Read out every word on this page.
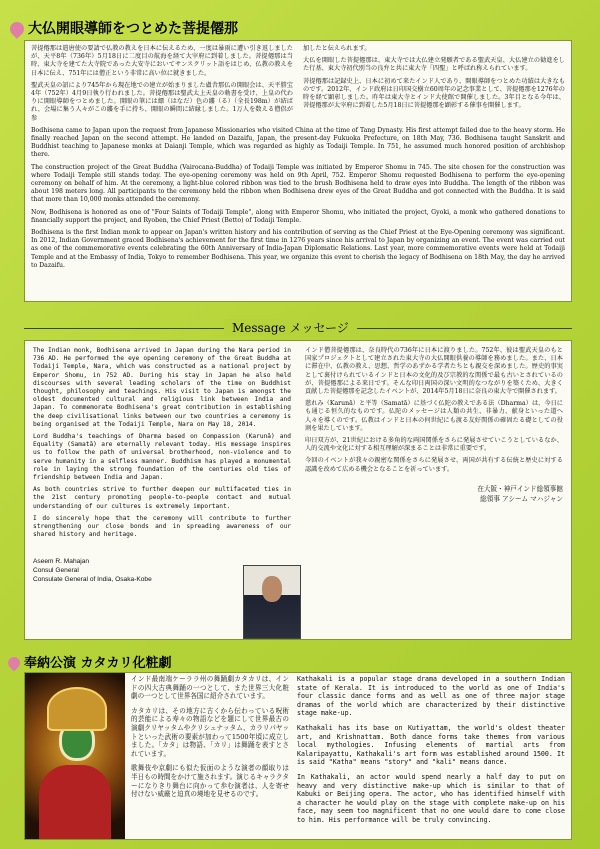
大仏開眼導師をつとめた菩提僊那

菩提僊那は遣唐使の要請で仏教の教えを日本に伝えるため、一度は暴雨に遭い引き返しましたが、天平8年（736年）5月18日に二度目の航海を経て大宰府に到着しました。菩提僊那は当時、東大寺を建てた大寺院であった大安寺においてサンスクリット語をはじめ、仏教の教えを日本に伝え、751年には僧正という非常に高い位に就きました。

聖武天皇の詔により745年から現在地での建立が始まりました盧舎那仏の開眼会は、天平勝宝4年（752年）4月9日執り行われました。菩提僊那は聖武太上天皇の勅書を受け、上皇の代わりに開眼導師をつとめました。開眼の筆には縹（はなだ）色の縷（る）（全長198m）が結ばれ、会場に集う人々がこの縷を手に持ち、開眼の瞬間に結縁しました。1万人を数える僧侶が参

加したと伝えられます。

大仏を開眼した菩提僊那は、東大寺では大仏建立発願者である聖武天皇、大仏建立の勧進をした行基、東大寺初代別当の良弁と共に東大寺「四聖」と呼ばれ称えられています。

菩提僊那は記録史上、日本に初めて来たインド人であり、開眼導師をつとめた功績は大きなものです。2012年、インド政府は日印国交樹立60周年の記念事業として、菩提僊那を1276年の時を経て顕彰しました。昨年は東大寺とインド大使館で開催しました。3年目となる今年は、菩提僊那が太宰府に到着した5月18日に菩提僊那を顕彰する催事を開催します。

Bodhisena came to Japan upon the request from Japanese Missionaries who visited China at the time of Tang Dynasty. His first attempt failed due to the heavy storm. He finally reached Japan on the second attempt. He landed on Dazaifu, Japan, the present-day Fukuoka Prefecture, on 18th May, 736. Bodhisena taught Sanskrit and Buddhist teaching to Japanese monks at Daianji Temple, which was regarded as highly as Todaiji Temple. In 751, he assumed much honored position of archbishop there.

The construction project of the Great Buddha (Vairocana-Buddha) of Todaiji Temple was initiated by Emperor Shomu in 745. The site chosen for the construction was where Todaiji Temple still stands today. The eye-opening ceremony was held on 9th April, 752. Emperor Shomu requested Bodhisena to perform the eye-opening ceremony on behalf of him. At the ceremony, a light-blue colored ribbon was tied to the brush Bodhisena held to draw eyes into Buddha. The length of the ribbon was about 198 meters long. All participants to the ceremony held the ribbon when Bodhisena drew eyes of the Great Buddha and got connected with the Buddha. It is said that more than 10,000 monks attended the ceremony.

Now, Bodhisena is honored as one of "Four Saints of Todaiji Temple", along with Emperor Shomu, who initiated the project, Gyoki, a monk who gathered donations to financially support the project, and Ryoben, the Chief Priest (Betto) of Todaiji Temple.

Bodhisena is the first Indian monk to appear on Japan's written history and his contribution of serving as the Chief Priest at the Eye-Opening ceremony was significant. In 2012, Indian Government graced Bodhisena's achievement for the first time in 1276 years since his arrival to Japan by organizing an event. The event was carried out as one of the commemorative events celebrating the 60th Anniversary of India-Japan Diplomatic Relations. Last year, more commemorative events were held at Todaiji Temple and at the Embassy of India, Tokyo to remember Bodhisena. This year, we organize this event to cherish the legacy of Bodhisena on 18th May, the day he arrived to Dazaifu.

Message メッセージ

The Indian monk, Bodhisena arrived in Japan during the Nara period in 736 AD. He performed the eye opening ceremony of the Great Buddha at Todaiji Temple, Nara, which was constructed as a national project by Emperor Shomu, in 752 AD. During his stay in Japan he also held discourses with several leading scholars of the time on Buddhist thought, philosophy and teachings. His visit to Japan is amongst the oldest documented cultural and religious link between India and Japan. To commemorate Bodhisena's great contribution in establishing the deep civilisational links between our two countries a ceremony is being organised at the Todaiji Temple, Nara on May 18, 2014.

Lord Buddha's teachings of Dharma based on Compassion (Karunā) and Equality (Samatā) are eternally relevant today. His message inspires us to follow the path of universal brotherhood, non-violence and to serve humanity in a selfless manner. Buddhism has played a monumental role in laying the strong foundation of the centuries old ties of friendship between India and Japan.

As both countries strive to further deepen our multifaceted ties in the 21st century promoting people-to-people contact and mutual understanding of our cultures is extremely important.

I do sincerely hope that the ceremony will contribute to further strengthening our close bonds and in spreading awareness of our shared history and heritage.

Aseem R. Mahajan
Consul General
Consulate General of India, Osaka-Kobe

インド僧菩提僊那は、奈良時代の736年に日本に渡りました。752年、彼は聖武天皇のもと国家プロジェクトとして建立された東大寺の大仏開眼供養の導師を務めました。また、日本に滞在中、仏教の教え、思想、哲学のあずかる学者たちとも親交を深めました。歴史的事実として裏付けられているインドと日本の文化的及び宗教的な関係で最も古いとされているのが、菩提僊那による来日です。そんな印日両国の深い文明的なつながりを築くため、大きく貢献した菩提僊那を記念したイベントが、2014年5月18日に奈良の東大寺で開催されます。

慈れみ（Karunā）と平等（Samatā）に基づく仏陀の教えである法（Dharma）は、今日にも通じる恒久的なものです。仏陀のメッセージは人類の共生、非暴力、献身といった道へ人々を導くのです。仏教はインドと日本の何世紀にも渡る友好関係の確固たる礎としての役割を果たしています。

印日双方が、21世紀における多角的な両国関係をさらに発展させていこうとしているなか、人的交流や文化に対する相互理解が深まることは非常に重要です。

今回のイベントが我々の親密な関係をさらに発展させ、両国が共有する伝統と歴史に対する認識を改めて広める機会となることを祈っています。

在大阪・神戸インド総領事館
総領事 アシーム マハジャン
奉納公演 カタカリ化粧劇

インド最南端ケーララ州の舞踊劇カタカリは、インドの四大古典舞踊の一つとして、また世界三大化粧劇の一つとして世界各国に紹介されています。

カタカリは、その地方に古くから伝わっている呪術的芸能による寿々の物語などを題にして世界最古の演劇クリヤッタムやクリシュナッタム、カラリパヤットといった武術の要素が加わって1500年頃に成立しました。「カタ」は物語、「カリ」は舞踊を表すとされています。

歌舞伎や京劇にも似た仮面のような演者の顔取りは半日もの時間をかけて施されます。演じるキャラクターになりきり舞台に向かって歩む演者は、人を寄せ付けない威厳と迫真の境地を見せるのです。

Kathakali is a popular stage drama developed in a southern Indian state of Kerala. It is introduced to the world as one of India's four classic dance forms and as well as one of three major stage dramas of the world which are characterized by their distinctive stage make-up.

Kathakali has its base on Kutiyattam, the world's oldest theater art, and Krishnattam. Both dance forms take themes from various local mythologies. Infusing elements of martial arts from Kalaripayattu, Kathakali's art form was established around 1500. It is said "Katha" means "story" and "kali" means dance.

In Kathakali, an actor would spend nearly a half day to put on heavy and very distinctive make-up which is similar to that of Kabuki or Beijing opera. The actor, who has identified himself with a character he would play on the stage with complete make-up on his face, may seem too magnificent that no one would dare to come close to him. His performance will be truly convincing.
